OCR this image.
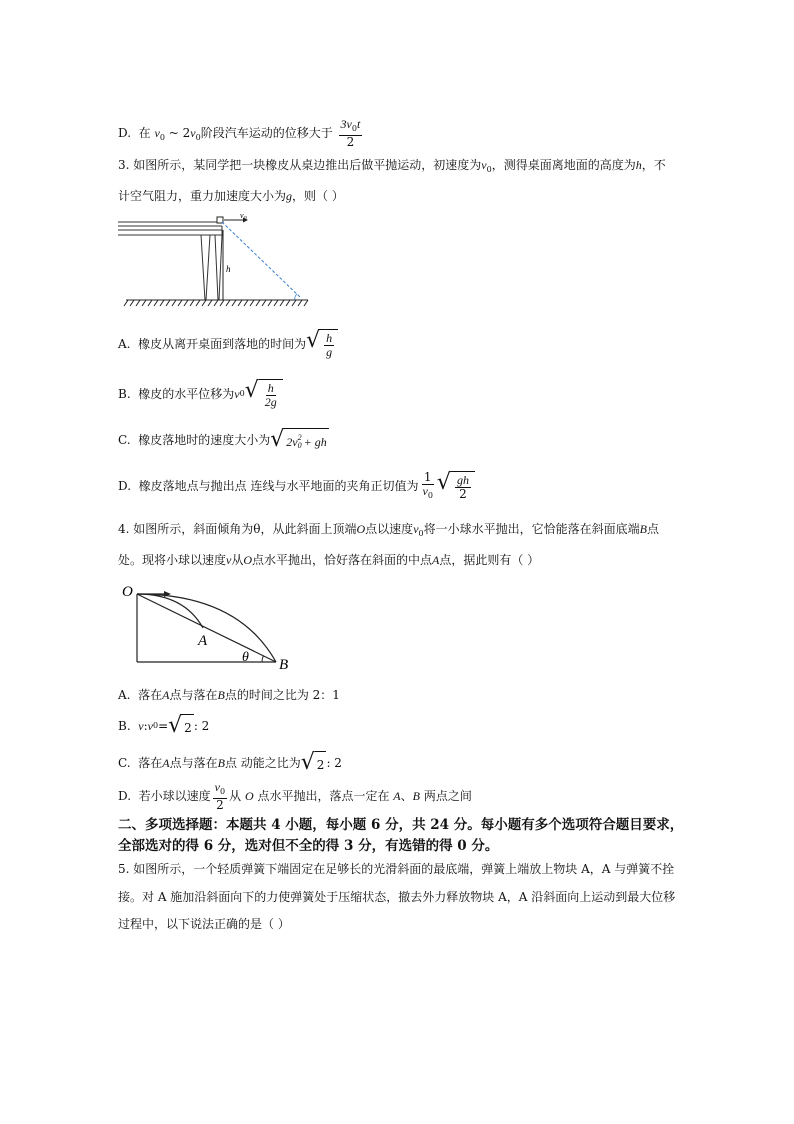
D. 在 $v_0$ ~ $2v_0$阶段汽车运动的位移大于 $\frac{3v_0t}{2}$
3. 如图所示，某同学把一块橡皮从桌边推出后做平抛运动，初速度为$v_0$，测得桌面离地面的高度为h，不
计空气阻力，重力加速度大小为g，则（ ）
$v_0$
h
A.
橡皮从离开桌面到落地的时间为 √ $\frac{h}{g}$
B.
橡皮的水平位移为 v 0 √ $\frac{h}{2g}$
C.
橡皮落地时的速度大小为 √ 2v 2
0 + gh
D.
橡皮落地点与抛出点 连线与水平地面的夹角正切值为 $\frac{1}{v_0}$ √ $\frac{gh}{2}$
4. 如图所示，斜面倾角为θ，从此斜面上顶端O点以速度$v_0$将一小球水平抛出，它恰能落在斜面底端B点
处。现将小球以速度v从O点水平抛出，恰好落在斜面的中点A点，据此则有（ ）
O
A
θ B
A. 落在A点与落在B点的时间之比为 2：1
B.
v : v 0 = √ 2 : 2
C.
落在 A 点与落在 B 点 动能之比为 √ 2 : 2
D.
若小球以速度 $\frac{v_0}{2}$ 从
O
点水平抛出，落点一定在
A 、 B
两点之间
二、多项选择题：本题共 4 小题，每小题 6 分，共 24 分。每小题有多个选项符合题目要求，
全部选对的得 6 分，选对但不全的得 3 分，有选错的得 0 分。
5. 如图所示，一个轻质弹簧下端固定在足够长的光滑斜面的最底端，弹簧上端放上物块 A，A 与弹簧不拴
接。对 A 施加沿斜面向下的力使弹簧处于压缩状态，撤去外力释放物块 A，A 沿斜面向上运动到最大位移
过程中，以下说法正确的是（ ）
